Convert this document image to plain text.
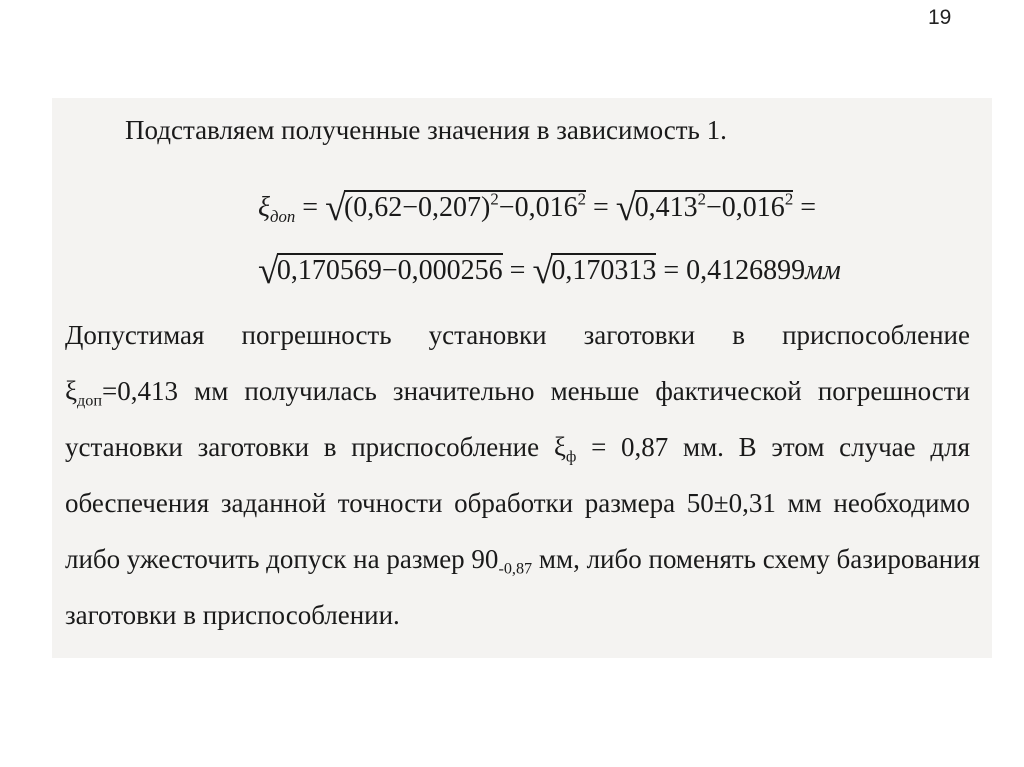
19
Подставляем полученные значения в зависимость 1.
$\xi_{доп} = √(0,62-0,207)^2-0,016^2 = √0,413^2-0,016^2$ =
√0,170569−0,000256 = √0,170313 = 0,4126899мм
Допустимая погрешность установки заготовки в приспособление
$\xi_{доп}=0,413$ мм получилась значительно меньше фактической погрешности
установки заготовки в приспособление $\xi_ф = 0,87$ мм. В этом случае для
обеспечения заданной точности обработки размера 50±0,31 мм необходимо
либо ужесточить допуск на размер $90_{-0,87}$ мм, либо поменять схему базирования
заготовки в приспособлении.
